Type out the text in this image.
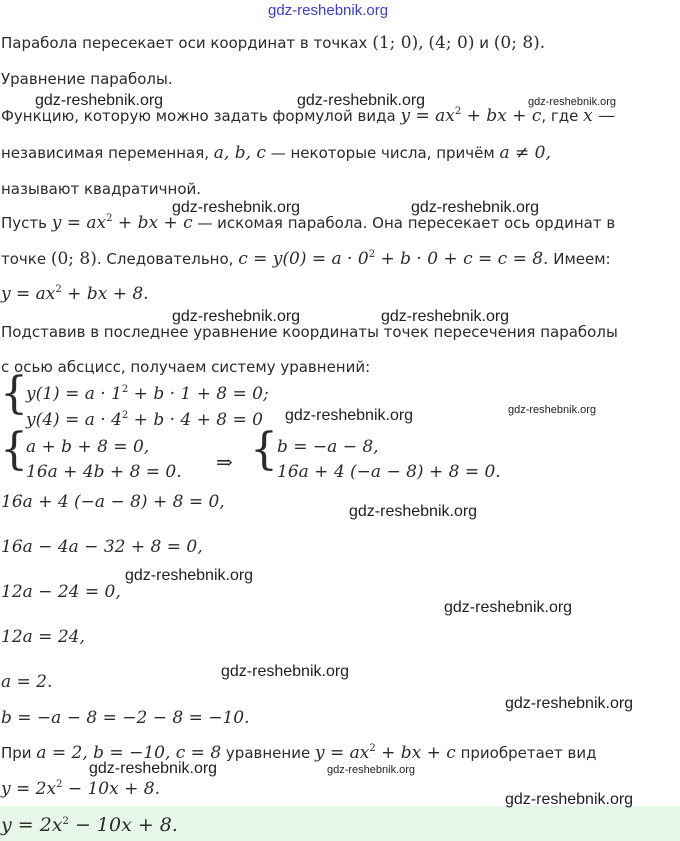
gdz-reshebnik.org
Парабола пересекает оси координат в точках (1; 0), (4; 0) и (0; 8).
Уравнение параболы.
Функцию, которую можно задать формулой вида $y = ax^2$ + bx + c, где x —
независимая переменная, a, b, c — некоторые числа, причём a ≠ 0,
называют квадратичной.
Пусть $y = ax^2$ + bx + c — искомая парабола. Она пересекает ось ординат в
точке (0; 8). Следовательно, $c = y(0) = a \cdot 0^2 + b \cdot 0 + c = c = 8$. Имеем:
$y = ax^2$ + bx + 8.
Подставив в последнее уравнение координаты точек пересечения параболы
с осью абсцисс, получаем систему уравнений:
{
$y(1) = a \cdot 1^2 + b \cdot 1 + 8 = 0$;
$y(4) = a \cdot 4^2 + b \cdot 4 + 8 = 0$
{
a + b + 8 = 0,
16a + 4b + 8 = 0. ⇒ { b = −a − 8,
16a + 4 (−a − 8) + 8 = 0.
16a + 4 (−a − 8) + 8 = 0,
16a − 4a − 32 + 8 = 0,
12a − 24 = 0,
12a = 24,
a = 2.
b = −a − 8 = −2 − 8 = −10.
При a = 2, b = −10, c = 8 уравнение $y = ax^2$ + bx + c приобретает вид
$y = 2x^2 - 10x + 8$.
$y = 2x^2 - 10x + 8$.
gdz-reshebnik.org	gdz-reshebnik.org	gdz-reshebnik.org
gdz-reshebnik.org	gdz-reshebnik.org
gdz-reshebnik.org	gdz-reshebnik.org
gdz-reshebnik.org	gdz-reshebnik.org
gdz-reshebnik.org
gdz-reshebnik.org
gdz-reshebnik.org
gdz-reshebnik.org
gdz-reshebnik.org
gdz-reshebnik.org	gdz-reshebnik.org
gdz-reshebnik.org
